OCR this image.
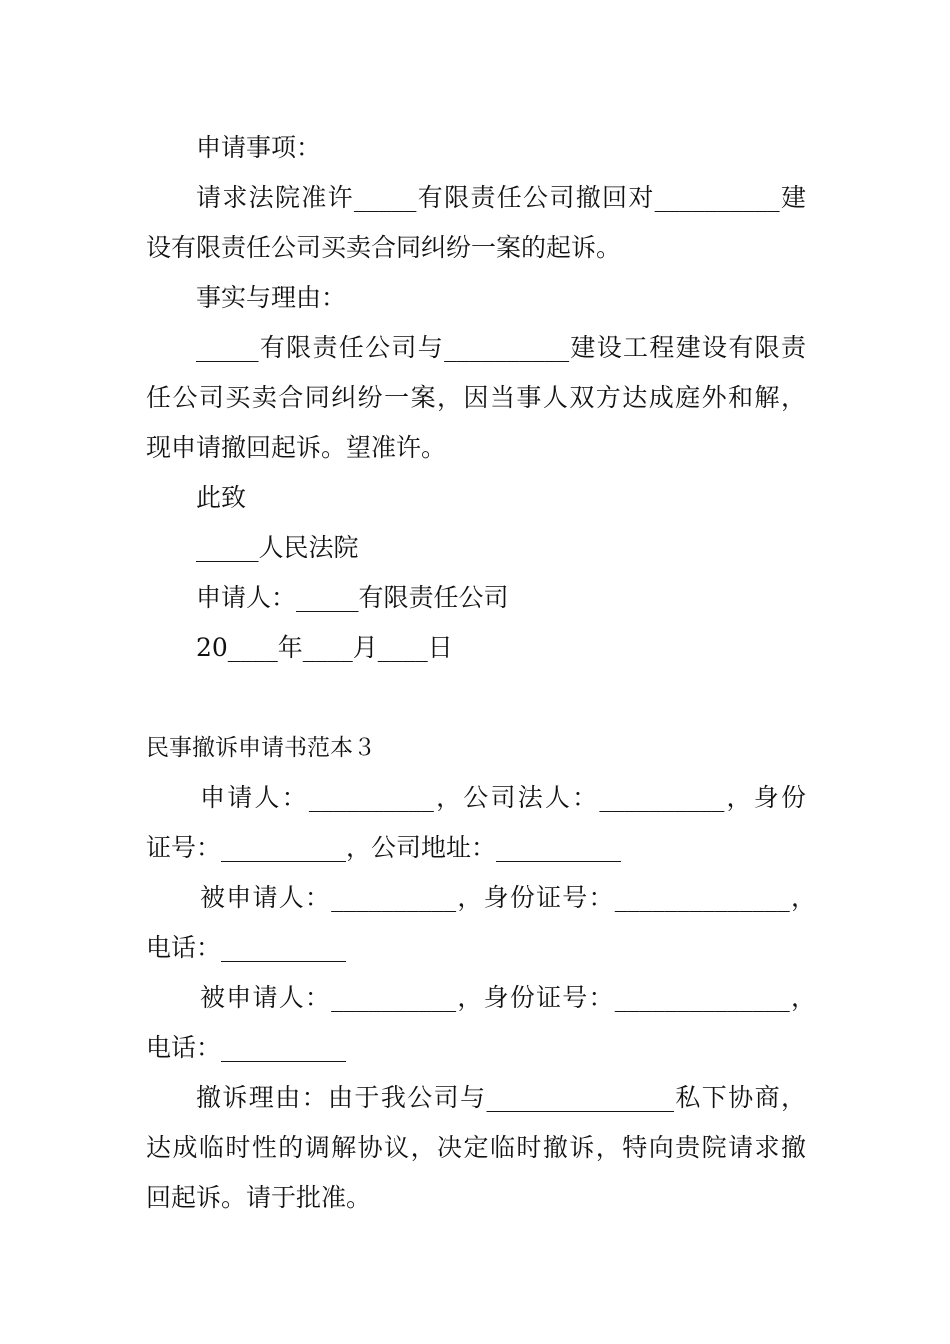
申请事项：
请求法院准许_____有限责任公司撤回对__________建
设有限责任公司买卖合同纠纷一案的起诉。
事实与理由：
_____有限责任公司与__________建设工程建设有限责
任公司买卖合同纠纷一案，因当事人双方达成庭外和解，
现申请撤回起诉。望准许。
此致
_____人民法院
申请人：_____有限责任公司
20____年____月____日
民事撤诉申请书范本３
申请人：__________，公司法人：__________，身份
证号：__________，公司地址：__________
被申请人：__________，身份证号：______________，
电话：__________
被申请人：__________，身份证号：______________，
电话：__________
撤诉理由：由于我公司与_______________私下协商，
达成临时性的调解协议，决定临时撤诉，特向贵院请求撤
回起诉。请于批准。
